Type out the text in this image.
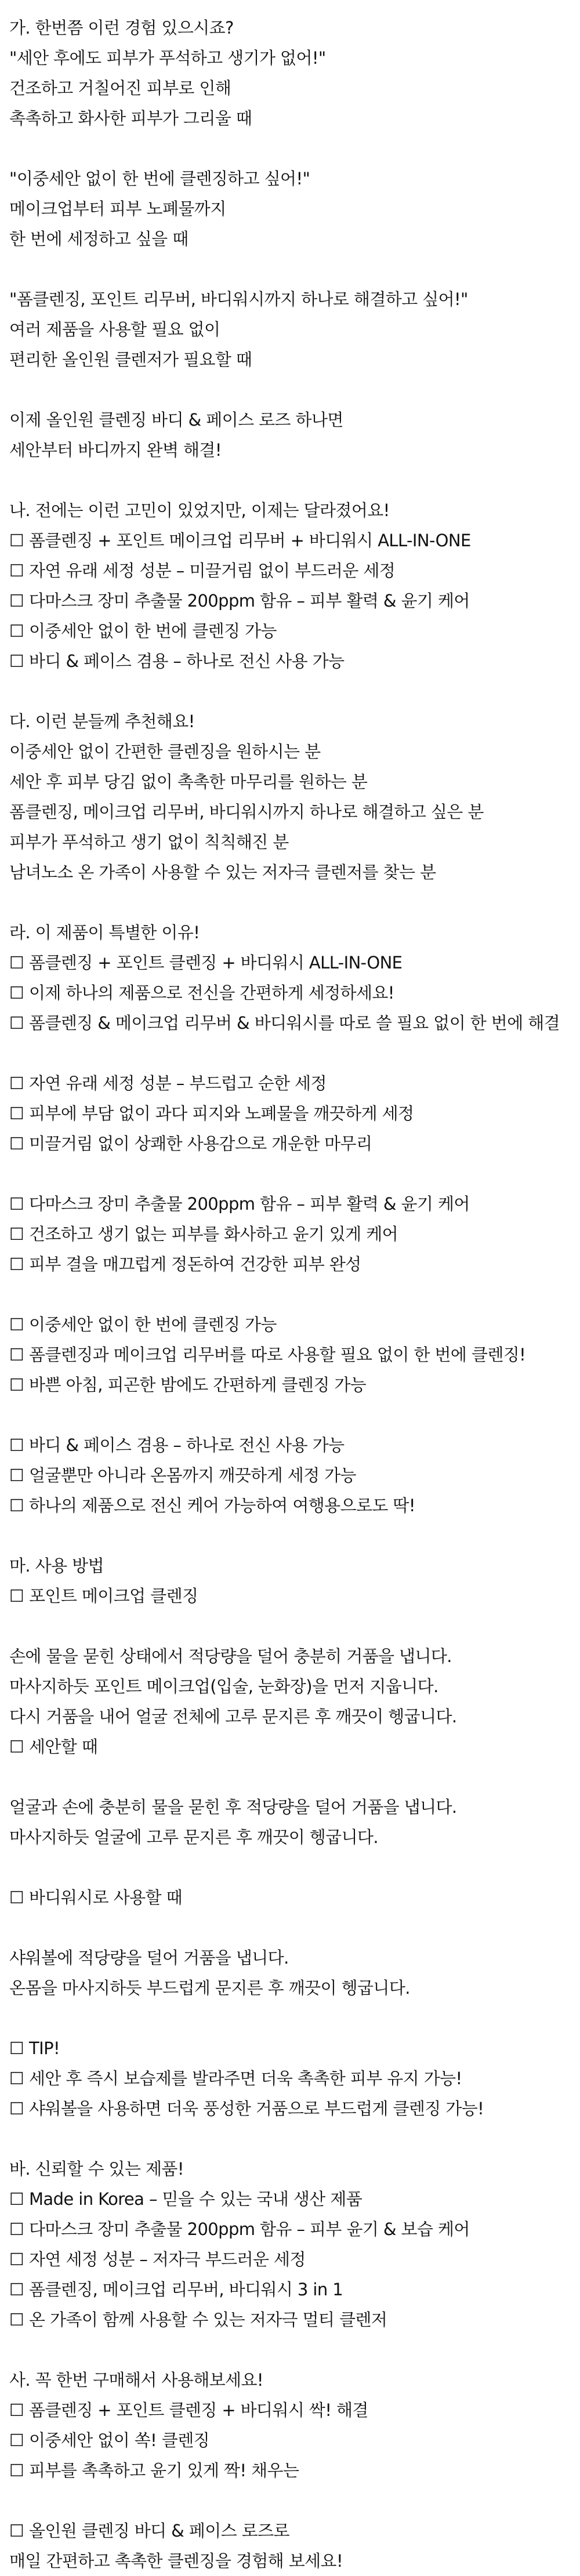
가. 한번쯤 이런 경험 있으시죠?
"세안 후에도 피부가 푸석하고 생기가 없어!"
건조하고 거칠어진 피부로 인해
촉촉하고 화사한 피부가 그리울 때
"이중세안 없이 한 번에 클렌징하고 싶어!"
메이크업부터 피부 노폐물까지
한 번에 세정하고 싶을 때
"폼클렌징, 포인트 리무버, 바디워시까지 하나로 해결하고 싶어!"
여러 제품을 사용할 필요 없이
편리한 올인원 클렌저가 필요할 때
이제 올인원 클렌징 바디 & 페이스 로즈 하나면
세안부터 바디까지 완벽 해결!
나. 전에는 이런 고민이 있었지만, 이제는 달라졌어요!
☐ 폼클렌징 + 포인트 메이크업 리무버 + 바디워시 ALL-IN-ONE
☐ 자연 유래 세정 성분 – 미끌거림 없이 부드러운 세정
☐ 다마스크 장미 추출물 200ppm 함유 – 피부 활력 & 윤기 케어
☐ 이중세안 없이 한 번에 클렌징 가능
☐ 바디 & 페이스 겸용 – 하나로 전신 사용 가능
다. 이런 분들께 추천해요!
이중세안 없이 간편한 클렌징을 원하시는 분
세안 후 피부 당김 없이 촉촉한 마무리를 원하는 분
폼클렌징, 메이크업 리무버, 바디워시까지 하나로 해결하고 싶은 분
피부가 푸석하고 생기 없이 칙칙해진 분
남녀노소 온 가족이 사용할 수 있는 저자극 클렌저를 찾는 분
라. 이 제품이 특별한 이유!
☐ 폼클렌징 + 포인트 클렌징 + 바디워시 ALL-IN-ONE
☐ 이제 하나의 제품으로 전신을 간편하게 세정하세요!
☐ 폼클렌징 & 메이크업 리무버 & 바디워시를 따로 쓸 필요 없이 한 번에 해결
☐ 자연 유래 세정 성분 – 부드럽고 순한 세정
☐ 피부에 부담 없이 과다 피지와 노폐물을 깨끗하게 세정
☐ 미끌거림 없이 상쾌한 사용감으로 개운한 마무리
☐ 다마스크 장미 추출물 200ppm 함유 – 피부 활력 & 윤기 케어
☐ 건조하고 생기 없는 피부를 화사하고 윤기 있게 케어
☐ 피부 결을 매끄럽게 정돈하여 건강한 피부 완성
☐ 이중세안 없이 한 번에 클렌징 가능
☐ 폼클렌징과 메이크업 리무버를 따로 사용할 필요 없이 한 번에 클렌징!
☐ 바쁜 아침, 피곤한 밤에도 간편하게 클렌징 가능
☐ 바디 & 페이스 겸용 – 하나로 전신 사용 가능
☐ 얼굴뿐만 아니라 온몸까지 깨끗하게 세정 가능
☐ 하나의 제품으로 전신 케어 가능하여 여행용으로도 딱!
마. 사용 방법
☐ 포인트 메이크업 클렌징
손에 물을 묻힌 상태에서 적당량을 덜어 충분히 거품을 냅니다.
마사지하듯 포인트 메이크업(입술, 눈화장)을 먼저 지웁니다.
다시 거품을 내어 얼굴 전체에 고루 문지른 후 깨끗이 헹굽니다.
☐ 세안할 때
얼굴과 손에 충분히 물을 묻힌 후 적당량을 덜어 거품을 냅니다.
마사지하듯 얼굴에 고루 문지른 후 깨끗이 헹굽니다.
☐ 바디워시로 사용할 때
샤워볼에 적당량을 덜어 거품을 냅니다.
온몸을 마사지하듯 부드럽게 문지른 후 깨끗이 헹굽니다.
☐ TIP!
☐ 세안 후 즉시 보습제를 발라주면 더욱 촉촉한 피부 유지 가능!
☐ 샤워볼을 사용하면 더욱 풍성한 거품으로 부드럽게 클렌징 가능!
바. 신뢰할 수 있는 제품!
☐ Made in Korea – 믿을 수 있는 국내 생산 제품
☐ 다마스크 장미 추출물 200ppm 함유 – 피부 윤기 & 보습 케어
☐ 자연 세정 성분 – 저자극 부드러운 세정
☐ 폼클렌징, 메이크업 리무버, 바디워시 3 in 1
☐ 온 가족이 함께 사용할 수 있는 저자극 멀티 클렌저
사. 꼭 한번 구매해서 사용해보세요!
☐ 폼클렌징 + 포인트 클렌징 + 바디워시 싹! 해결
☐ 이중세안 없이 쏙! 클렌징
☐ 피부를 촉촉하고 윤기 있게 짝! 채우는
☐ 올인원 클렌징 바디 & 페이스 로즈로
매일 간편하고 촉촉한 클렌징을 경험해 보세요!
